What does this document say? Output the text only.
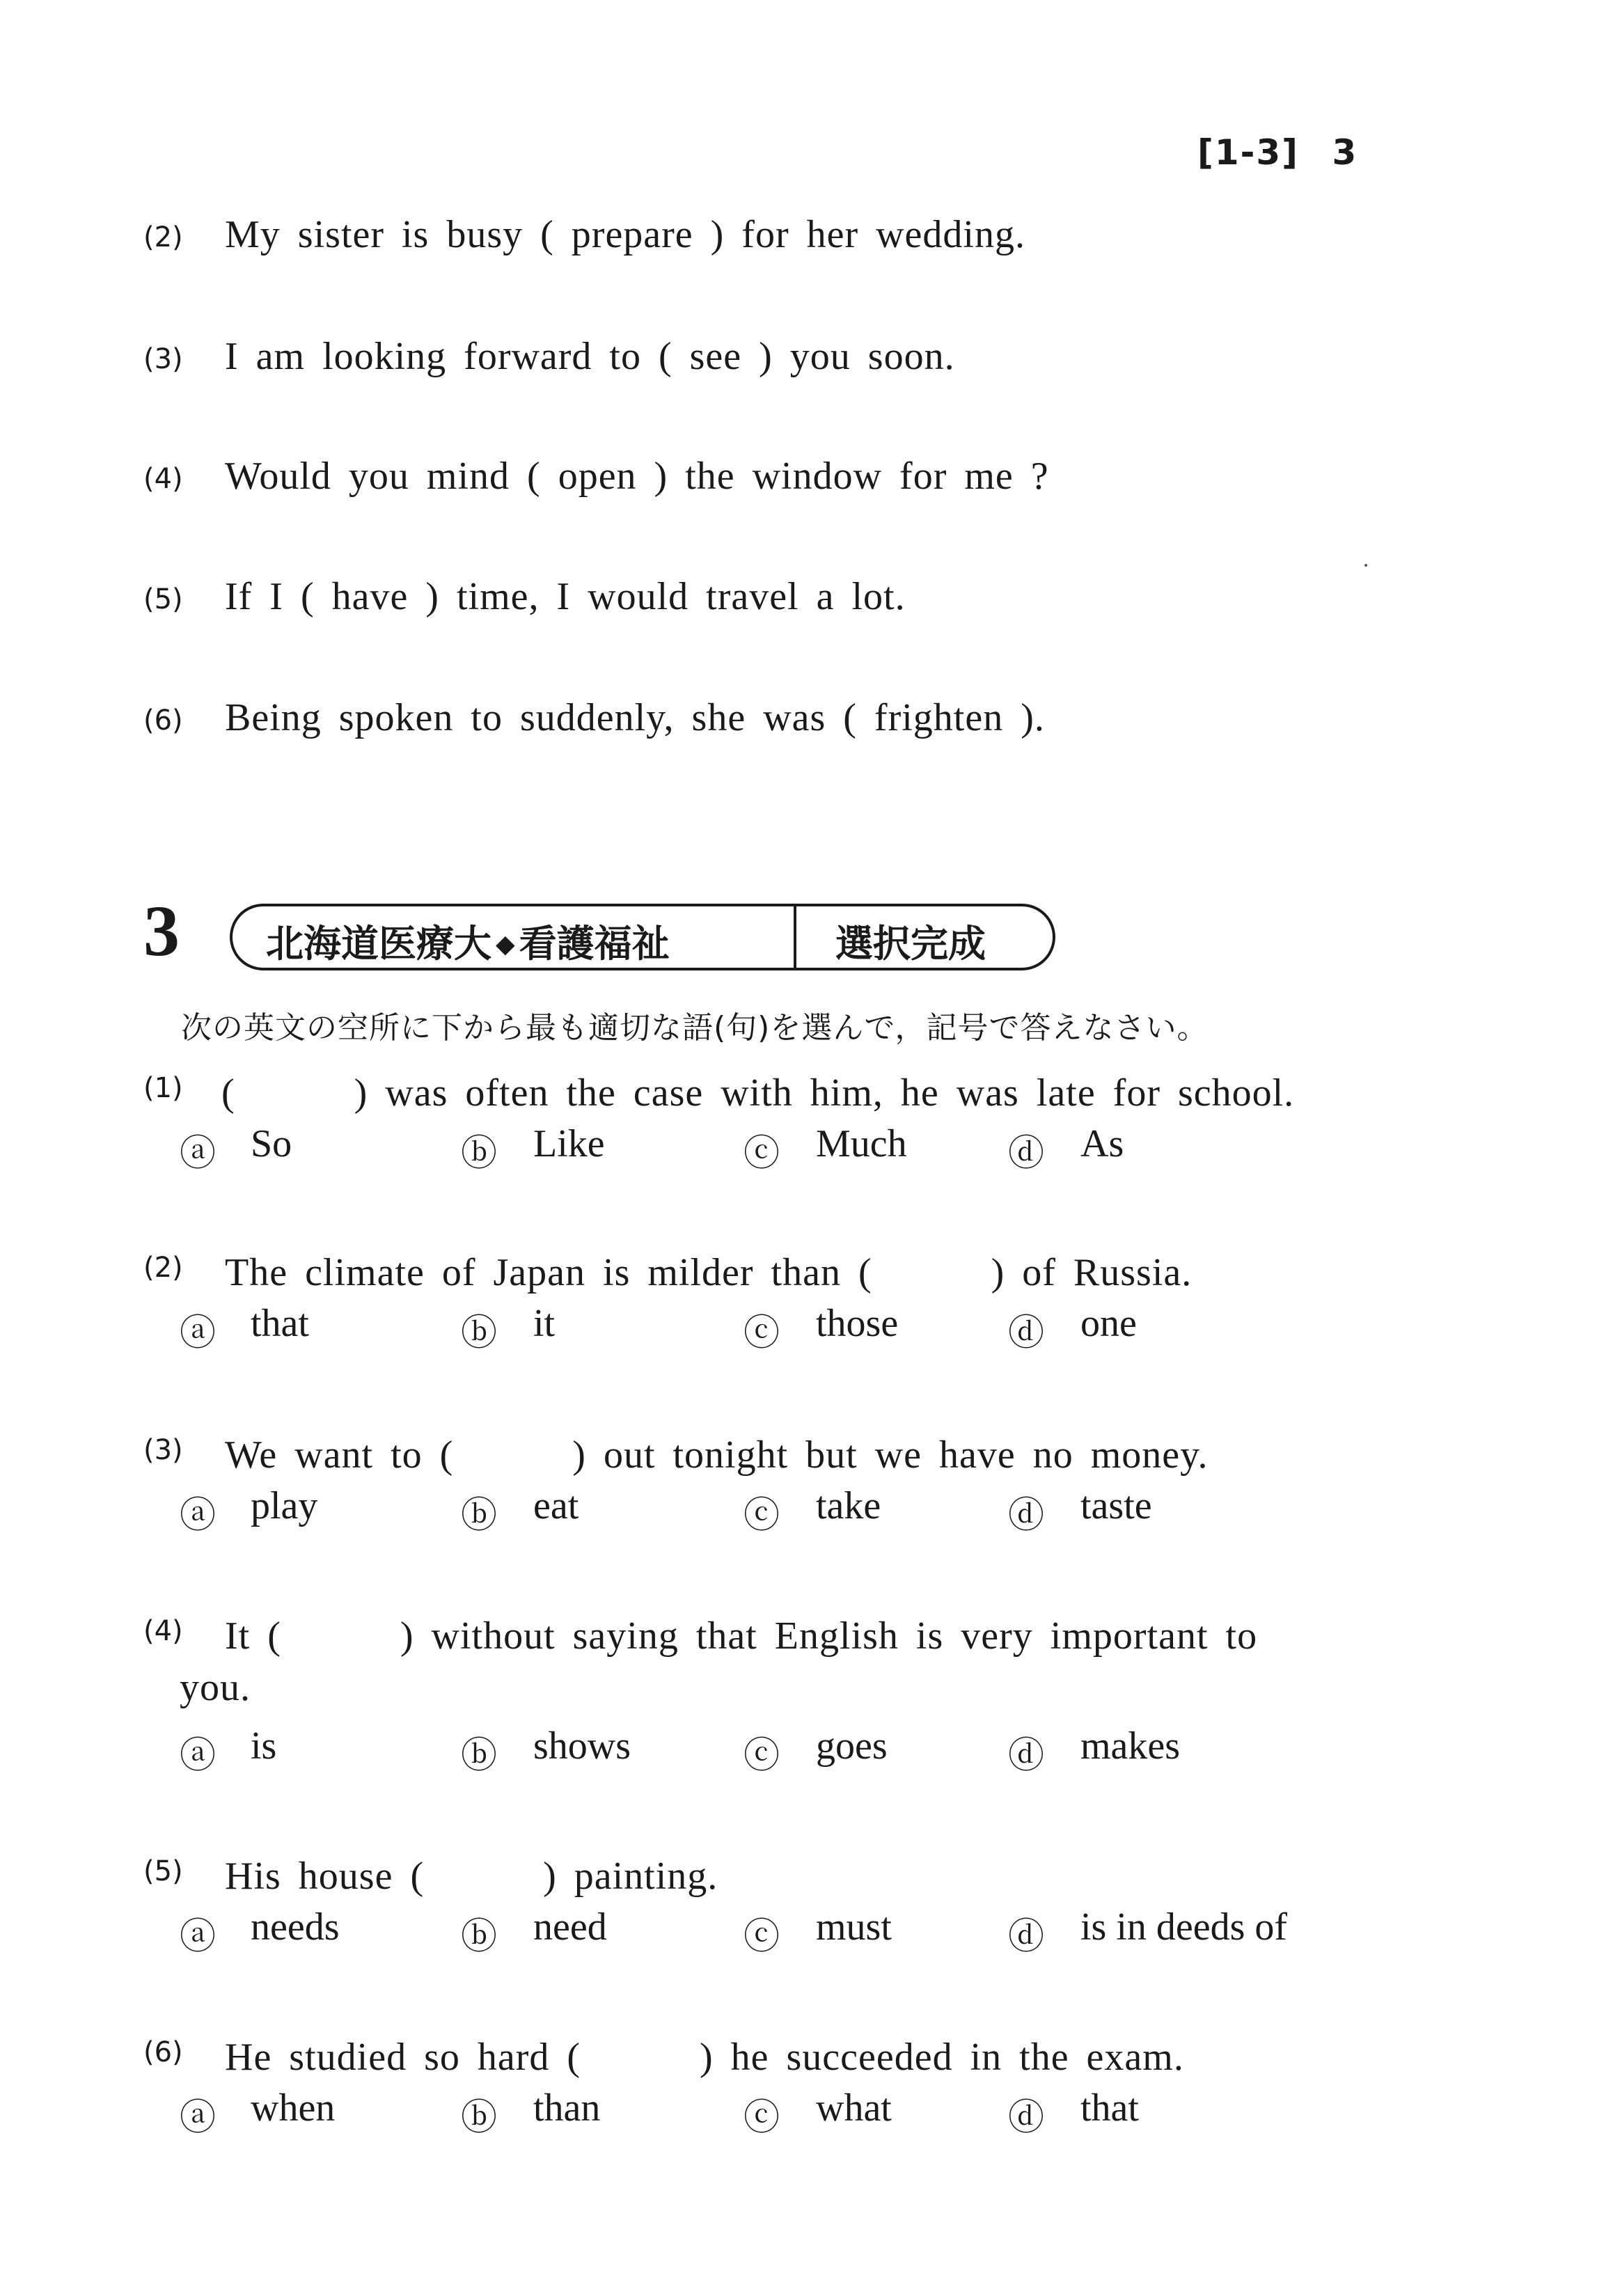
[1-3] 3
(2) My sister is busy ( prepare ) for her wedding.
(3) I am looking forward to ( see ) you soon.
(4) Would you mind ( open ) the window for me ?
(5) If I ( have ) time, I would travel a lot.
(6) Being spoken to suddenly, she was ( frighten ).
3 北海道医療大 ◆ 看護福祉	選択完成
次の英文の空所に下から最も適切な語(句)を選んで，記号で答えなさい。
(1) (　　　) was often the case with him, he was late for school.
ⓐ So	ⓑ Like	ⓒ Much	ⓓ As
(2) The climate of Japan is milder than (　　　) of Russia.
ⓐ that	ⓑ it	ⓒ those	ⓓ one
(3) We want to (　　　) out tonight but we have no money.
ⓐ play	ⓑ eat	ⓒ take	ⓓ taste
(4) It (　　　) without saying that English is very important to
you.
ⓐ is	ⓑ shows	ⓒ goes	ⓓ makes
(5) His house (　　　) painting.
ⓐ needs	ⓑ need	ⓒ must	ⓓ is in deeds of
(6) He studied so hard (　　　) he succeeded in the exam.
ⓐ when	ⓑ than	ⓒ what	ⓓ that
